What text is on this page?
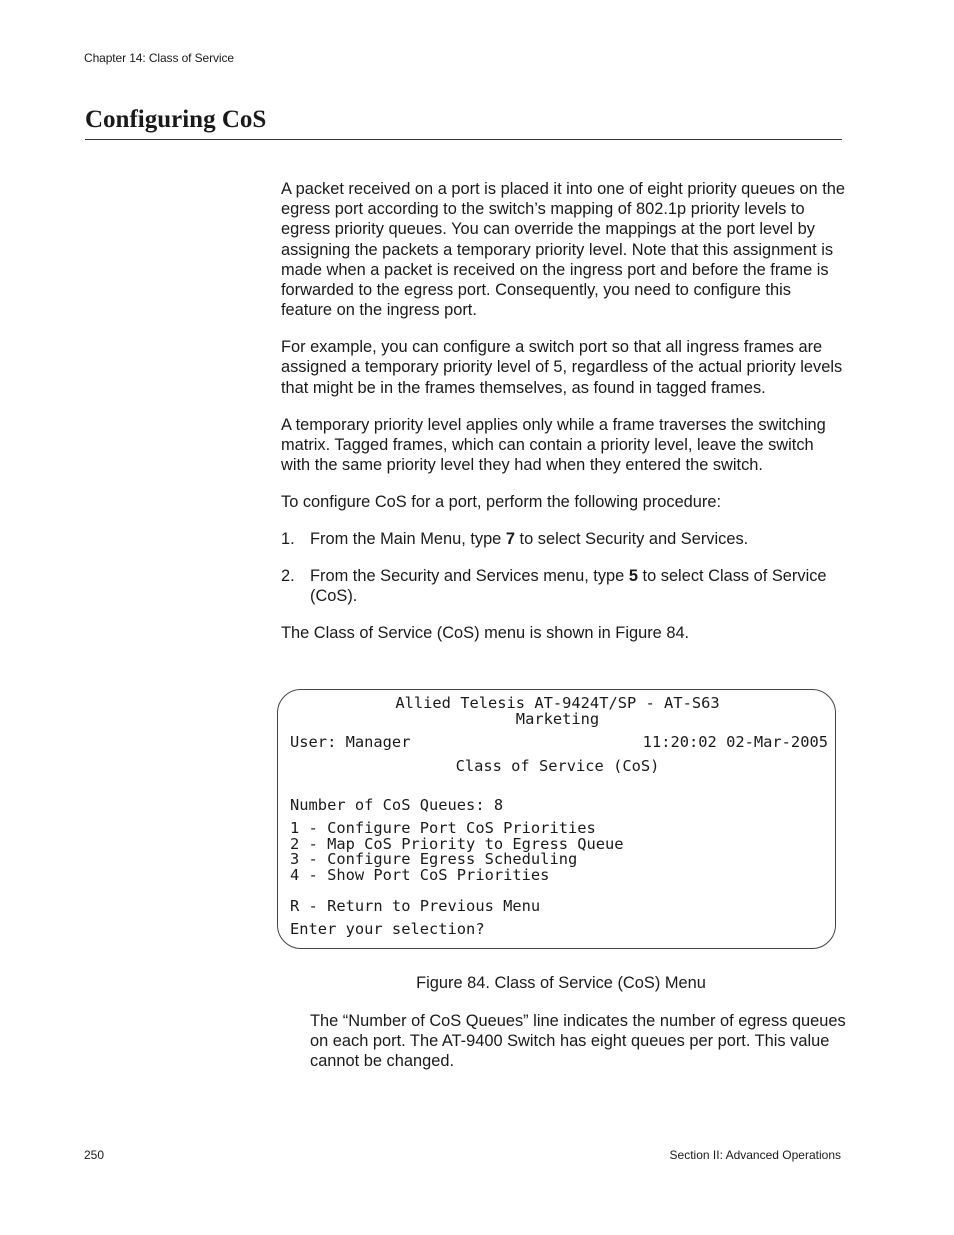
Chapter 14: Class of Service
Configuring CoS

A packet received on a port is placed it into one of eight priority queues on the egress port according to the switch’s mapping of 802.1p priority levels to egress priority queues. You can override the mappings at the port level by assigning the packets a temporary priority level. Note that this assignment is made when a packet is received on the ingress port and before the frame is forwarded to the egress port. Consequently, you need to configure this feature on the ingress port.

For example, you can configure a switch port so that all ingress frames are assigned a temporary priority level of 5, regardless of the actual priority levels that might be in the frames themselves, as found in tagged frames.

A temporary priority level applies only while a frame traverses the switching matrix. Tagged frames, which can contain a priority level, leave the switch with the same priority level they had when they entered the switch.

To configure CoS for a port, perform the following procedure:

1. From the Main Menu, type 7 to select Security and Services.
2. From the Security and Services menu, type 5 to select Class of Service (CoS).

The Class of Service (CoS) menu is shown in Figure 84.

Allied Telesis AT-9424T/SP - AT-S63
Marketing
User: Manager	11:20:02 02-Mar-2005
Class of Service (CoS)
Number of CoS Queues: 8
1 - Configure Port CoS Priorities
2 - Map CoS Priority to Egress Queue
3 - Configure Egress Scheduling
4 - Show Port CoS Priorities
R - Return to Previous Menu
Enter your selection?
Figure 84. Class of Service (CoS) Menu

The “Number of CoS Queues” line indicates the number of egress queues on each port. The AT-9400 Switch has eight queues per port. This value cannot be changed.

250	Section II: Advanced Operations
